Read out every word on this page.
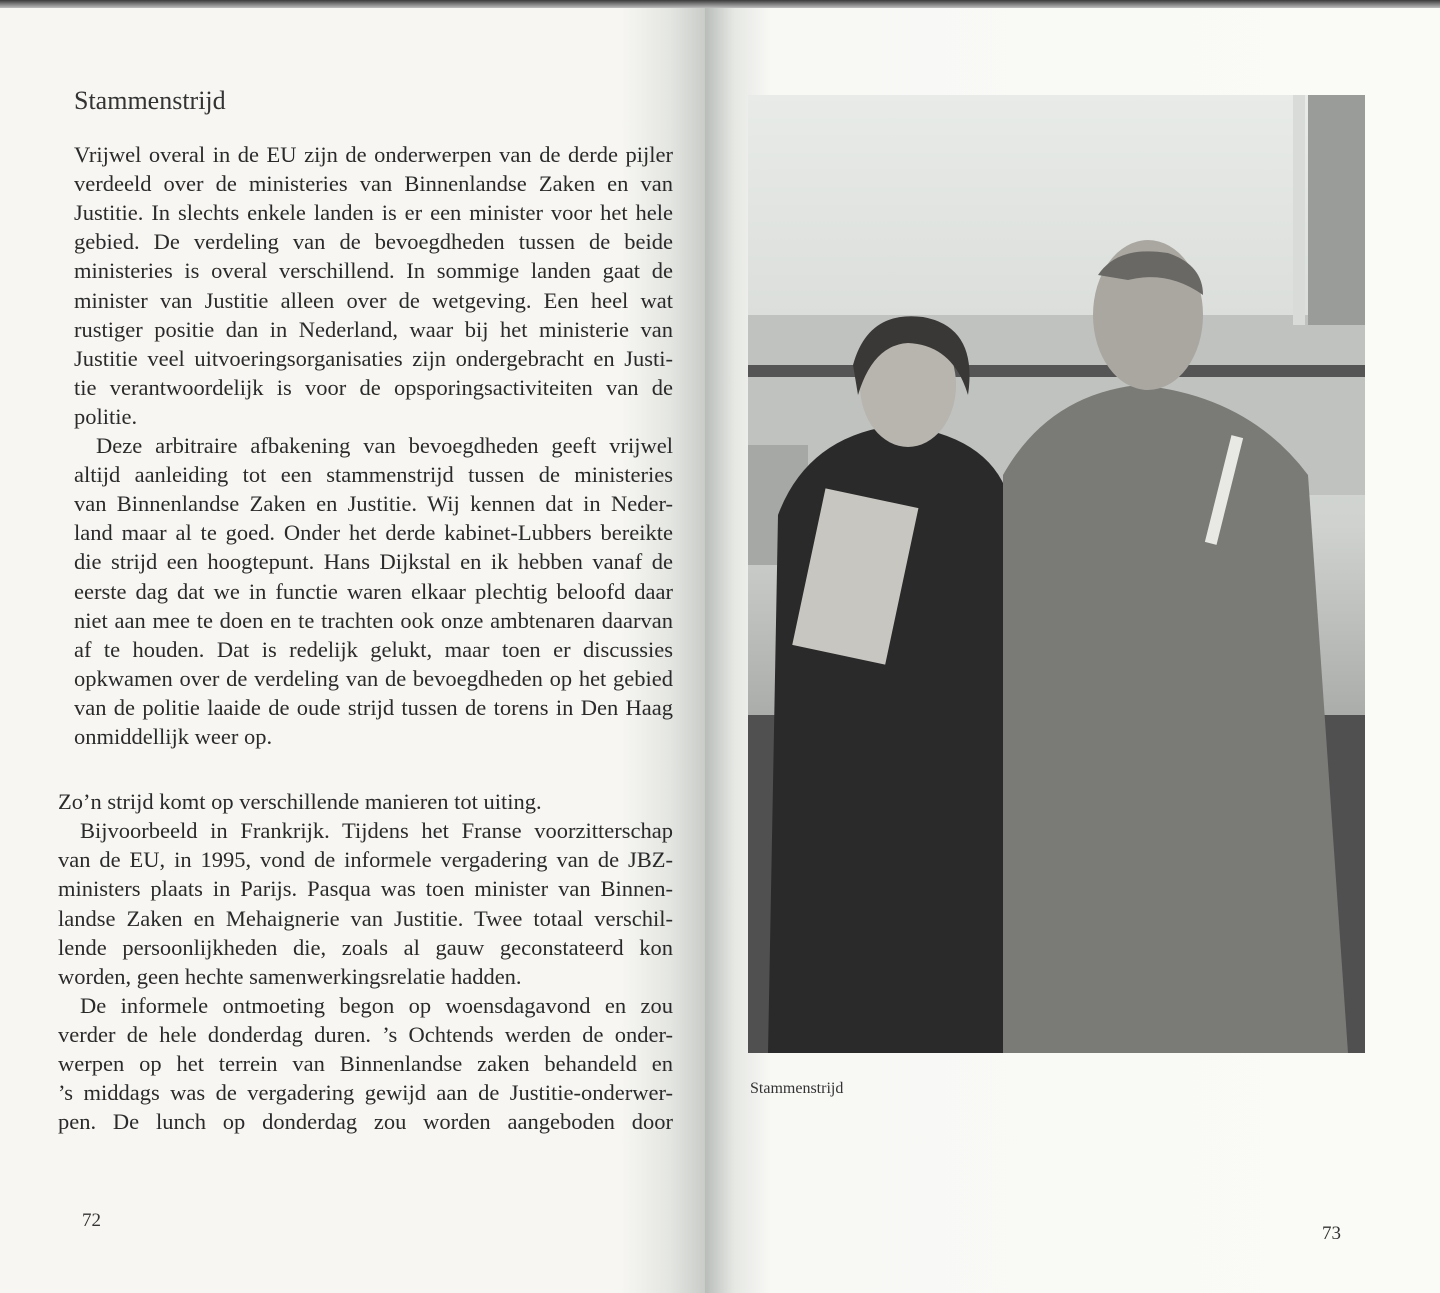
Stammenstrijd
Vrijwel overal in de EU zijn de onderwerpen van de derde pijler
verdeeld over de ministeries van Binnenlandse Zaken en van
Justitie. In slechts enkele landen is er een minister voor het hele
gebied. De verdeling van de bevoegdheden tussen de beide
ministeries is overal verschillend. In sommige landen gaat de
minister van Justitie alleen over de wetgeving. Een heel wat
rustiger positie dan in Nederland, waar bij het ministerie van
Justitie veel uitvoeringsorganisaties zijn ondergebracht en Justi-
tie verantwoordelijk is voor de opsporingsactiviteiten van de
politie.
Deze arbitraire afbakening van bevoegdheden geeft vrijwel
altijd aanleiding tot een stammenstrijd tussen de ministeries
van Binnenlandse Zaken en Justitie. Wij kennen dat in Neder-
land maar al te goed. Onder het derde kabinet-Lubbers bereikte
die strijd een hoogtepunt. Hans Dijkstal en ik hebben vanaf de
eerste dag dat we in functie waren elkaar plechtig beloofd daar
niet aan mee te doen en te trachten ook onze ambtenaren daarvan
af te houden. Dat is redelijk gelukt, maar toen er discussies
opkwamen over de verdeling van de bevoegdheden op het gebied
van de politie laaide de oude strijd tussen de torens in Den Haag
onmiddellijk weer op.
Zo’n strijd komt op verschillende manieren tot uiting.
Bijvoorbeeld in Frankrijk. Tijdens het Franse voorzitterschap
van de EU, in 1995, vond de informele vergadering van de JBZ-
ministers plaats in Parijs. Pasqua was toen minister van Binnen-
landse Zaken en Mehaignerie van Justitie. Twee totaal verschil-
lende persoonlijkheden die, zoals al gauw geconstateerd kon
worden, geen hechte samenwerkingsrelatie hadden.
De informele ontmoeting begon op woensdagavond en zou
verder de hele donderdag duren. ’s Ochtends werden de onder-
werpen op het terrein van Binnenlandse zaken behandeld en
’s middags was de vergadering gewijd aan de Justitie-onderwer-
pen. De lunch op donderdag zou worden aangeboden door
72
Stammenstrijd
73
